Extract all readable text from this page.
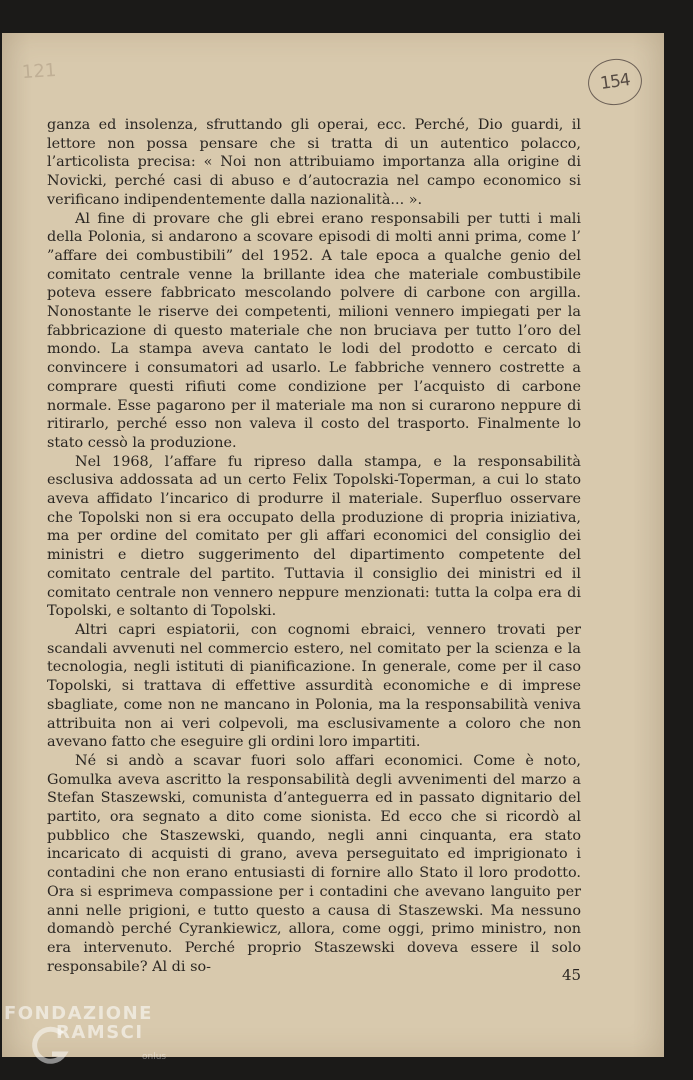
121	154

ganza ed insolenza, sfruttando gli operai, ecc. Perché, Dio guardi, il lettore non possa pensare che si tratta di un autentico polacco, l’articolista precisa: « Noi non attribuiamo importanza alla origine di Novicki, perché casi di abuso e d’autocrazia nel campo economico si verificano indipendentemente dalla nazionalità... ».

Al fine di provare che gli ebrei erano responsabili per tutti i mali della Polonia, si andarono a scovare episodi di molti anni prima, come l’ ”affare dei combustibili” del 1952. A tale epoca a qualche genio del comitato centrale venne la brillante idea che materiale combustibile poteva essere fabbricato mescolando polvere di carbone con argilla. Nonostante le riserve dei competenti, milioni vennero impiegati per la fabbricazione di questo materiale che non bruciava per tutto l’oro del mondo. La stampa aveva cantato le lodi del prodotto e cercato di convincere i consumatori ad usarlo. Le fabbriche vennero costrette a comprare questi rifiuti come condizione per l’acquisto di carbone normale. Esse pagarono per il materiale ma non si curarono neppure di ritirarlo, perché esso non valeva il costo del trasporto. Finalmente lo stato cessò la produzione.

Nel 1968, l’affare fu ripreso dalla stampa, e la responsabilità esclusiva addossata ad un certo Felix Topolski-Toperman, a cui lo stato aveva affidato l’incarico di produrre il materiale. Superfluo osservare che Topolski non si era occupato della produzione di propria iniziativa, ma per ordine del comitato per gli affari economici del consiglio dei ministri e dietro suggerimento del dipartimento competente del comitato centrale del partito. Tuttavia il consiglio dei ministri ed il comitato centrale non vennero neppure menzionati: tutta la colpa era di Topolski, e soltanto di Topolski.

Altri capri espiatorii, con cognomi ebraici, vennero trovati per scandali avvenuti nel commercio estero, nel comitato per la scienza e la tecnologia, negli istituti di pianificazione. In generale, come per il caso Topolski, si trattava di effettive assurdità economiche e di imprese sbagliate, come non ne mancano in Polonia, ma la responsabilità veniva attribuita non ai veri colpevoli, ma esclusivamente a coloro che non avevano fatto che eseguire gli ordini loro impartiti.

Né si andò a scavar fuori solo affari economici. Come è noto, Gomulka aveva ascritto la responsabilità degli avvenimenti del marzo a Stefan Staszewski, comunista d’anteguerra ed in passato dignitario del partito, ora segnato a dito come sionista. Ed ecco che si ricordò al pubblico che Staszewski, quando, negli anni cinquanta, era stato incaricato di acquisti di grano, aveva perseguitato ed imprigionato i contadini che non erano entusiasti di fornire allo Stato il loro prodotto. Ora si esprimeva compassione per i contadini che avevano languito per anni nelle prigioni, e tutto questo a causa di Staszewski. Ma nessuno domandò perché Cyrankiewicz, allora, come oggi, primo ministro, non era intervenuto. Perché proprio Staszewski doveva essere il solo responsabile? Al di so-	45
FONDAZIONE
RAMSCI
onlus
